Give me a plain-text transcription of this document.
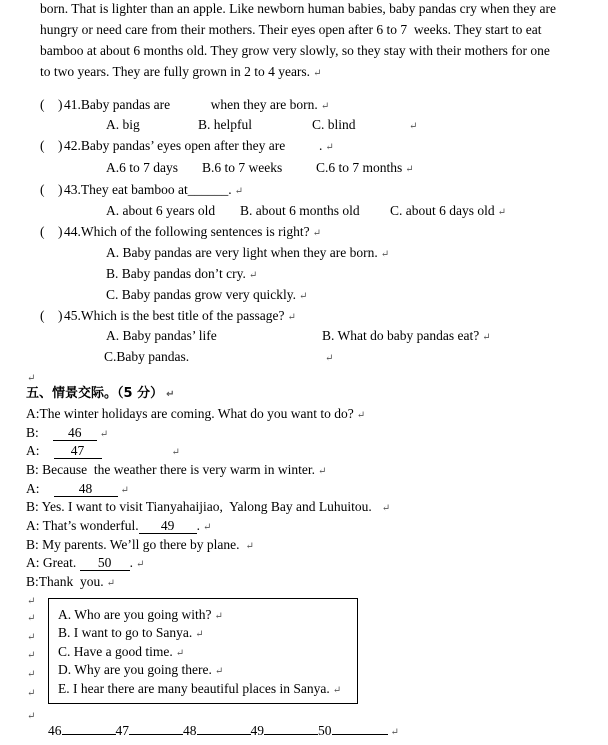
born. That is lighter than an apple. Like newborn human babies, baby pandas cry when they are
hungry or need care from their mothers. Their eyes open after 6 to 7  weeks. They start to eat
bamboo at about 6 months old. They grow very slowly, so they stay with their mothers for one
to two years. They are fully grown in 2 to 4 years. ↵
(    ) 41.Baby pandas are            when they are born. ↵
A. big	B. helpful	C. blind	↵
(    ) 42.Baby pandas’ eyes open after they are          . ↵
A.6 to 7 days B.6 to 7 weeks	C.6 to 7 months ↵
(    ) 43.They eat bamboo at______. ↵
A. about 6 years old B. about 6 months old C. about 6 days old ↵
(    ) 44.Which of the following sentences is right? ↵
A. Baby pandas are very light when they are born. ↵
B. Baby pandas don’t cry. ↵
C. Baby pandas grow very quickly. ↵
(    ) 45.Which is the best title of the passage? ↵
A. Baby pandas’ life	B. What do baby pandas eat? ↵
C.Baby pandas.	↵
↵
五、情景交际。（5 分） ↵
A:The winter holidays are coming. What do you want to do? ↵
B: 46 ↵
A: 47	↵
B: Because  the weather there is very warm in winter. ↵
A:	48	↵
B: Yes. I want to visit Tianyahaijiao,  Yalong Bay and Luhuitou. ↵
A: That’s wonderful. 49 . ↵
B: My parents. We’ll go there by plane. ↵
A: Great. 50 . ↵
B:Thank  you. ↵
↵
↵
↵
↵
↵
↵
↵
A. Who are you going with? ↵
B. I want to go to Sanya. ↵
C. Have a good time. ↵
D. Why are you going there. ↵
E. I hear there are many beautiful places in Sanya. ↵
46	47	48	49	50	↵
